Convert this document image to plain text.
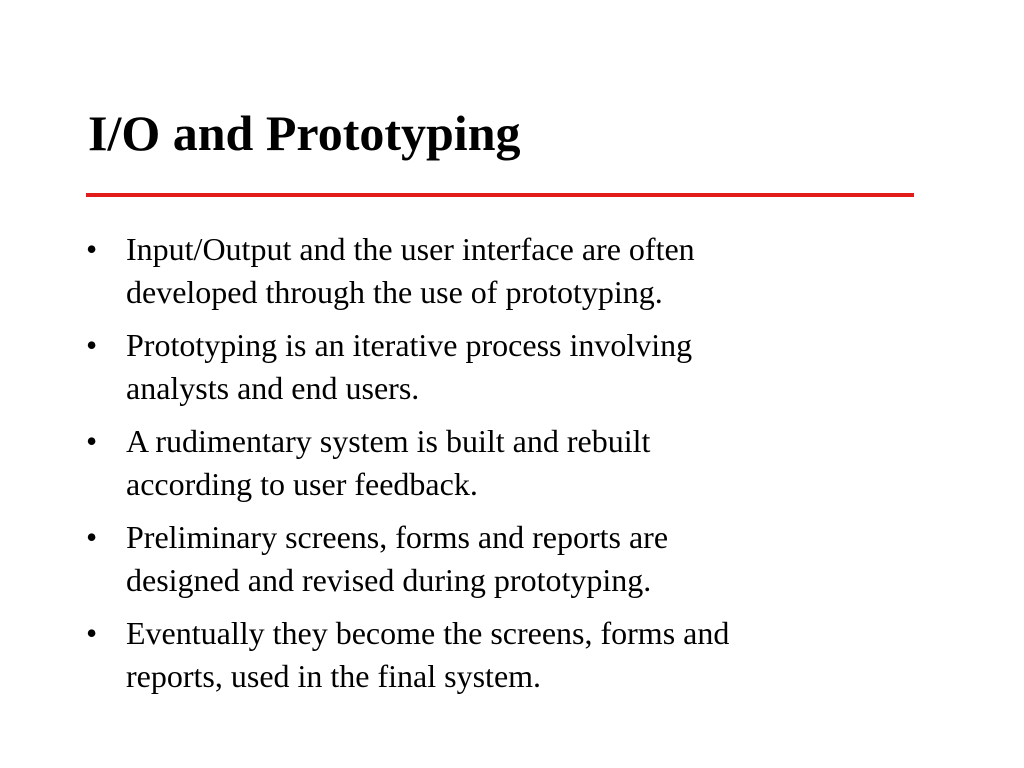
I/O and Prototyping
• Input/Output and the user interface are often
developed through the use of prototyping.
• Prototyping is an iterative process involving
analysts and end users.
• A rudimentary system is built and rebuilt
according to user feedback.
• Preliminary screens, forms and reports are
designed and revised during prototyping.
• Eventually they become the screens, forms and
reports, used in the final system.
